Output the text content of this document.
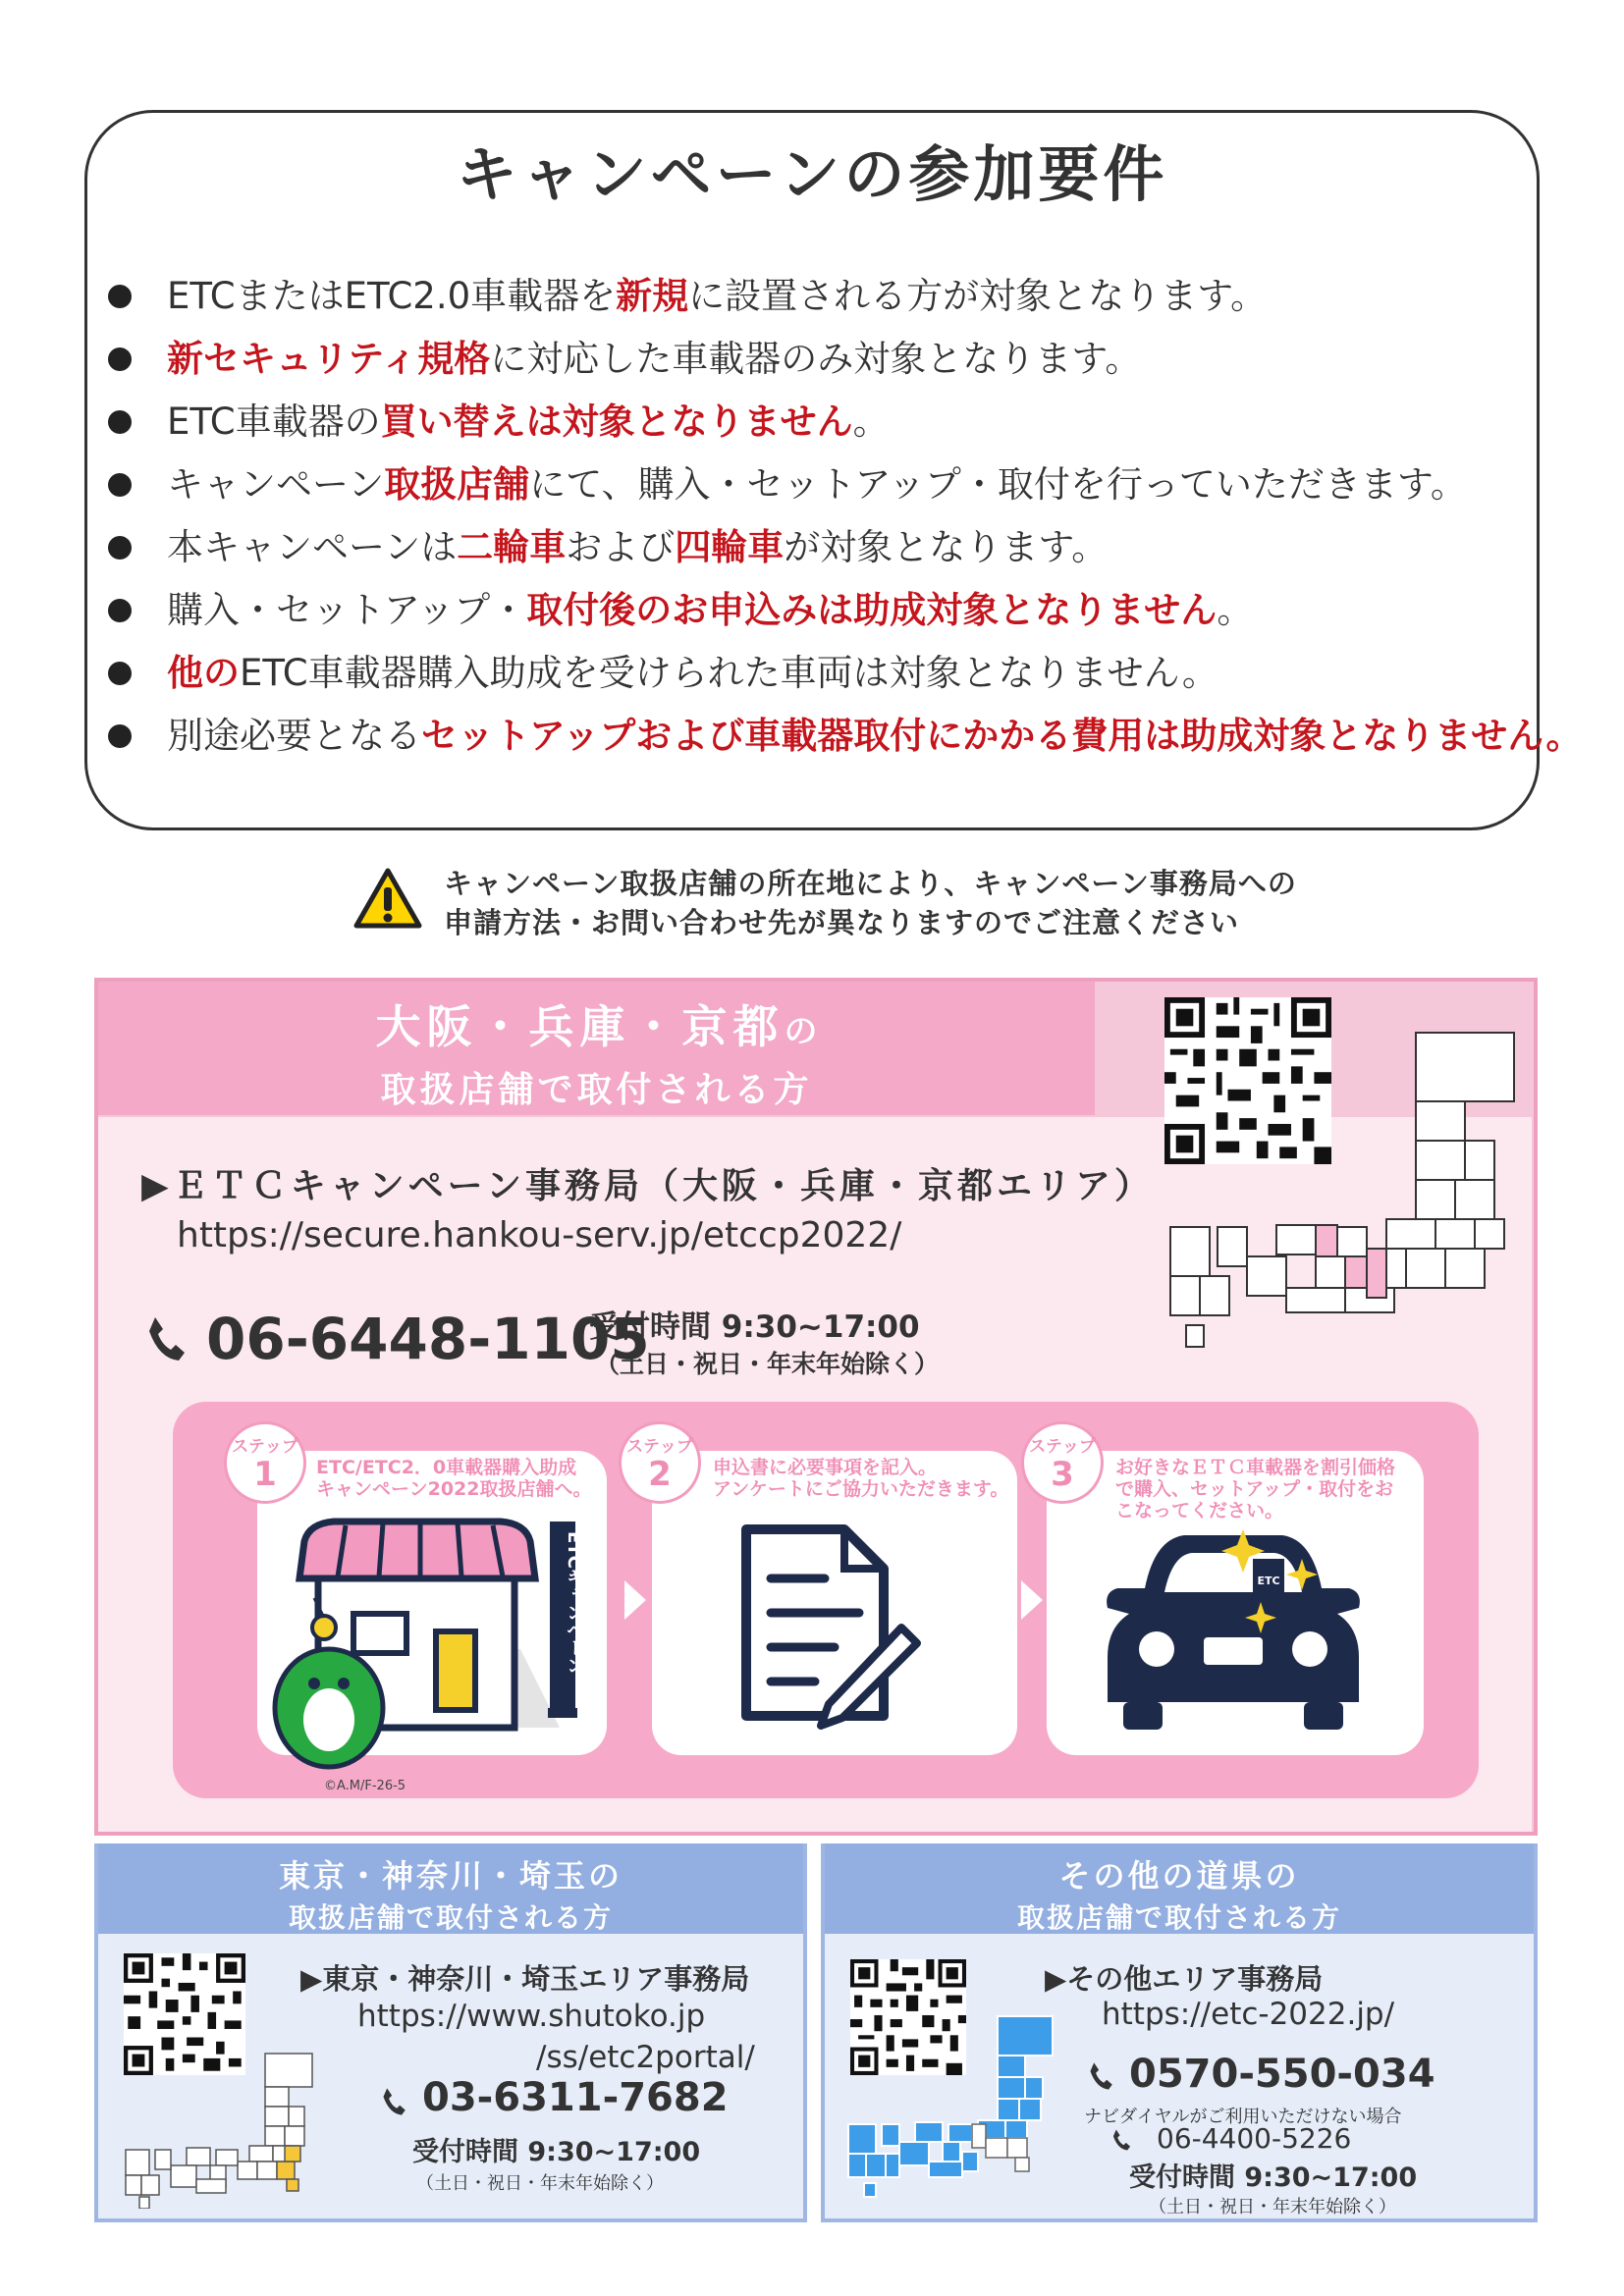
キャンペーンの参加要件
ETCまたはETC2.0車載器を新規に設置される方が対象となります。
新セキュリティ規格に対応した車載器のみ対象となります。
ETC車載器の買い替えは対象となりません。
キャンペーン取扱店舗にて、購入・セットアップ・取付を行っていただきます。
本キャンペーンは二輪車および四輪車が対象となります。
購入・セットアップ・取付後のお申込みは助成対象となりません。
他のETC車載器購入助成を受けられた車両は対象となりません。
別途必要となるセットアップおよび車載器取付にかかる費用は助成対象となりません。
キャンペーン取扱店舗の所在地により、キャンペーン事務局への
申請方法・お問い合わせ先が異なりますのでご注意ください
大阪・兵庫・京都の
取扱店舗で取付される方
▶ＥＴＣキャンペーン事務局（大阪・兵庫・京都エリア）
https://secure.hankou-serv.jp/etccp2022/
06-6448-1105
受付時間 9:30~17:00
（土日・祝日・年末年始除く）
ステップ
1
ステップ
2
ステップ
3
ETC/ETC2．0車載器購入助成
キャンペーン2022取扱店舗へ。
申込書に必要事項を記入。
アンケートにご協力いただきます。
お好きなＥＴＣ車載器を割引価格
で購入、セットアップ・取付をお
こなってください。
ETCキャンペーン	ETC
©A.M/F-26-5
東京・神奈川・埼玉の
取扱店舗で取付される方
▶東京・神奈川・埼玉エリア事務局
https://www.shutoko.jp
/ss/etc2portal/
03-6311-7682
受付時間 9:30~17:00
（土日・祝日・年末年始除く）
その他の道県の
取扱店舗で取付される方
▶その他エリア事務局
https://etc-2022.jp/
0570-550-034
ナビダイヤルがご利用いただけない場合
06-4400-5226
受付時間 9:30~17:00
（土日・祝日・年末年始除く）
